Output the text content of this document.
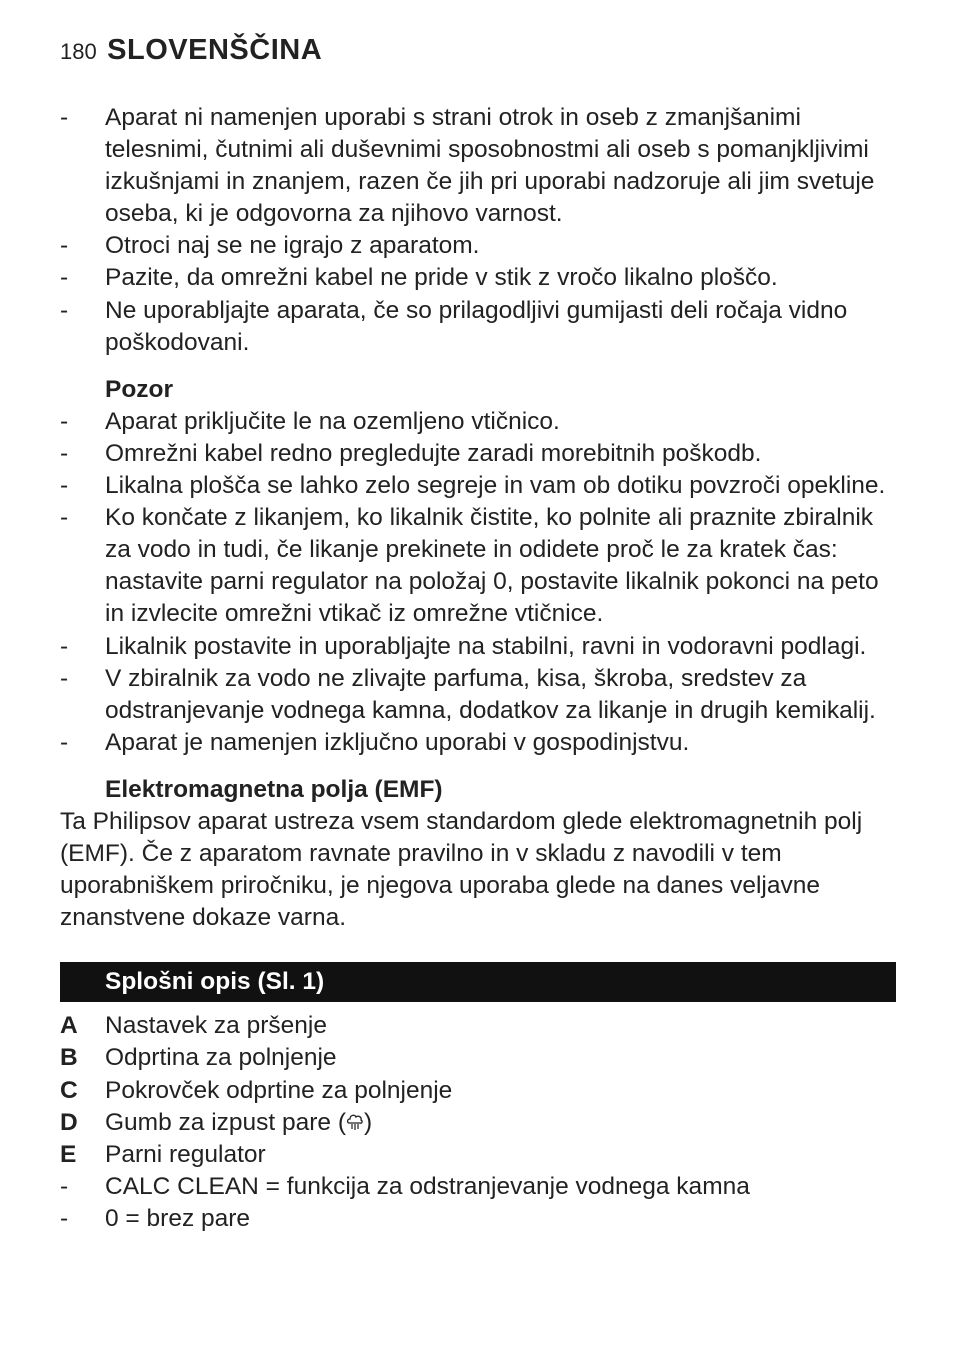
180 SLOVENŠČINA
-	Aparat ni namenjen uporabi s strani otrok in oseb z zmanjšanimi telesnimi, čutnimi ali duševnimi sposobnostmi ali oseb s pomanjkljivimi izkušnjami in znanjem, razen če jih pri uporabi nadzoruje ali jim svetuje oseba, ki je odgovorna za njihovo varnost.
-	Otroci naj se ne igrajo z aparatom.
-	Pazite, da omrežni kabel ne pride v stik z vročo likalno ploščo.
-	Ne uporabljajte aparata, če so prilagodljivi gumijasti deli ročaja vidno poškodovani.
Pozor
-	Aparat priključite le na ozemljeno vtičnico.
-	Omrežni kabel redno pregledujte zaradi morebitnih poškodb.
-	Likalna plošča se lahko zelo segreje in vam ob dotiku povzroči opekline.
-	Ko končate z likanjem, ko likalnik čistite, ko polnite ali praznite zbiralnik za vodo in tudi, če likanje prekinete in odidete proč le za kratek čas: nastavite parni regulator na položaj 0, postavite likalnik pokonci na peto in izvlecite omrežni vtikač iz omrežne vtičnice.
-	Likalnik postavite in uporabljajte na stabilni, ravni in vodoravni podlagi.
-	V zbiralnik za vodo ne zlivajte parfuma, kisa, škroba, sredstev za odstranjevanje vodnega kamna, dodatkov za likanje in drugih kemikalij.
-	Aparat je namenjen izključno uporabi v gospodinjstvu.
Elektromagnetna polja (EMF)
Ta Philipsov aparat ustreza vsem standardom glede elektromagnetnih polj (EMF). Če z aparatom ravnate pravilno in v skladu z navodili v tem uporabniškem priročniku, je njegova uporaba glede na danes veljavne znanstvene dokaze varna.
Splošni opis (Sl. 1)
A Nastavek za pršenje
B Odprtina za polnjenje
C Pokrovček odprtine za polnjenje
D Gumb za izpust pare ( )
E Parni regulator
-	CALC CLEAN = funkcija za odstranjevanje vodnega kamna
-	0 = brez pare
